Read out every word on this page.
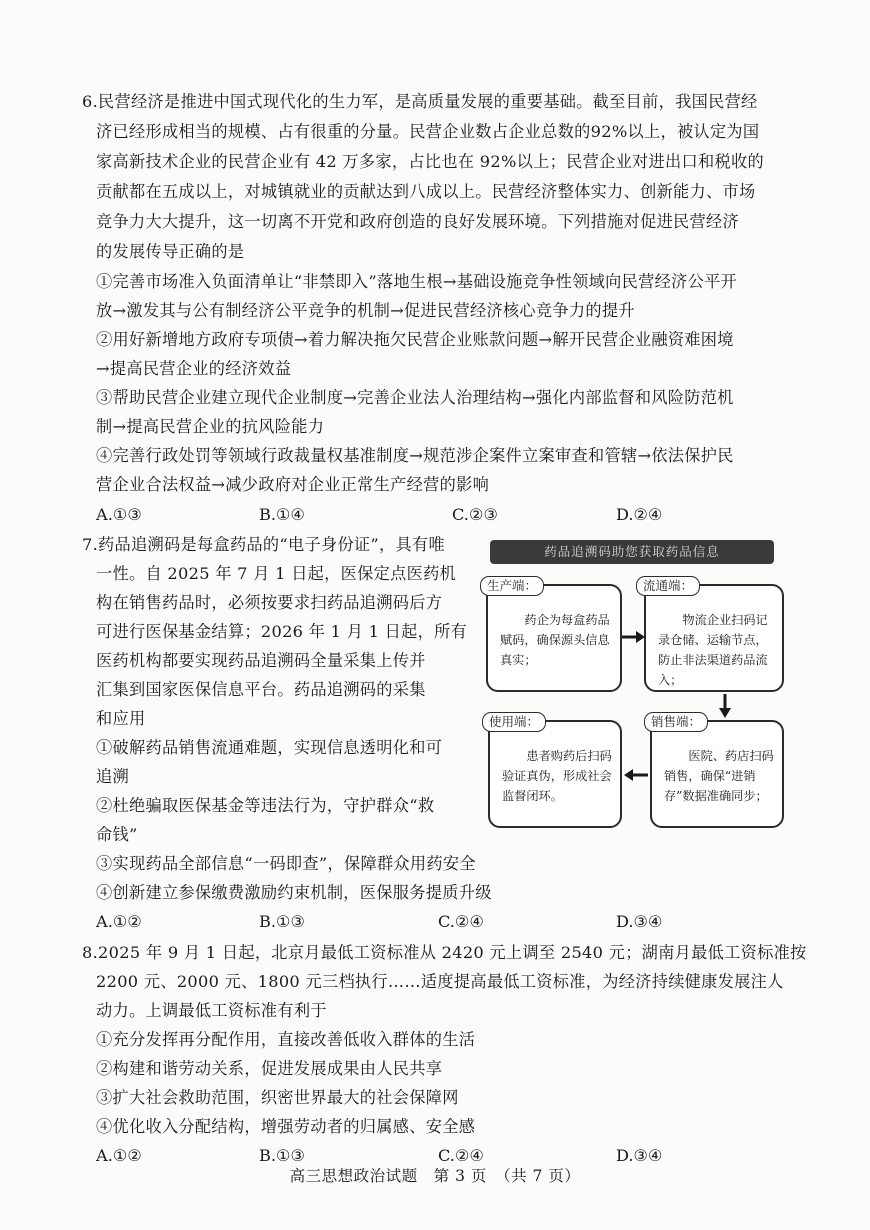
6.民营经济是推进中国式现代化的生力军，是高质量发展的重要基础。截至目前，我国民营经
济已经形成相当的规模、占有很重的分量。民营企业数占企业总数的92%以上，被认定为国
家高新技术企业的民营企业有 42 万多家，占比也在 92%以上；民营企业对进出口和税收的
贡献都在五成以上，对城镇就业的贡献达到八成以上。民营经济整体实力、创新能力、市场
竞争力大大提升，这一切离不开党和政府创造的良好发展环境。下列措施对促进民营经济
的发展传导正确的是
①完善市场准入负面清单让“非禁即入”落地生根→基础设施竞争性领域向民营经济公平开
放→激发其与公有制经济公平竞争的机制→促进民营经济核心竞争力的提升
②用好新增地方政府专项债→着力解决拖欠民营企业账款问题→解开民营企业融资难困境
→提高民营企业的经济效益
③帮助民营企业建立现代企业制度→完善企业法人治理结构→强化内部监督和风险防范机
制→提高民营企业的抗风险能力
④完善行政处罚等领域行政裁量权基准制度→规范涉企案件立案审查和管辖→依法保护民
营企业合法权益→减少政府对企业正常生产经营的影响
A.①③	B.①④	C.②③	D.②④
7.药品追溯码是每盒药品的“电子身份证”，具有唯
一性。自 2025 年 7 月 1 日起，医保定点医药机
构在销售药品时，必须按要求扫药品追溯码后方
可进行医保基金结算；2026 年 1 月 1 日起，所有
医药机构都要实现药品追溯码全量采集上传并
汇集到国家医保信息平台。药品追溯码的采集
和应用
①破解药品销售流通难题，实现信息透明化和可
追溯
②杜绝骗取医保基金等违法行为，守护群众“救
命钱”
③实现药品全部信息“一码即查”，保障群众用药安全
④创新建立参保缴费激励约束机制，医保服务提质升级
A.①②	B.①③	C.②④	D.③④
药品追溯码助您获取药品信息
药企为每盒药品赋码，确保源头信息真实；
生产端：
物流企业扫码记录仓储、运输节点，防止非法渠道药品流入；
流通端：
患者购药后扫码验证真伪，形成社会监督闭环。
使用端：
医院、药店扫码销售，确保“进销存”数据准确同步；
销售端：
8.2025 年 9 月 1 日起，北京月最低工资标准从 2420 元上调至 2540 元；湖南月最低工资标准按
2200 元、2000 元、1800 元三档执行……适度提高最低工资标准，为经济持续健康发展注人
动力。上调最低工资标准有利于
①充分发挥再分配作用，直接改善低收入群体的生活
②构建和谐劳动关系，促进发展成果由人民共享
③扩大社会救助范围，织密世界最大的社会保障网
④优化收入分配结构，增强劳动者的归属感、安全感
A.①②	B.①③	C.②④	D.③④
高三思想政治试题　第 3 页　（共 7 页）
